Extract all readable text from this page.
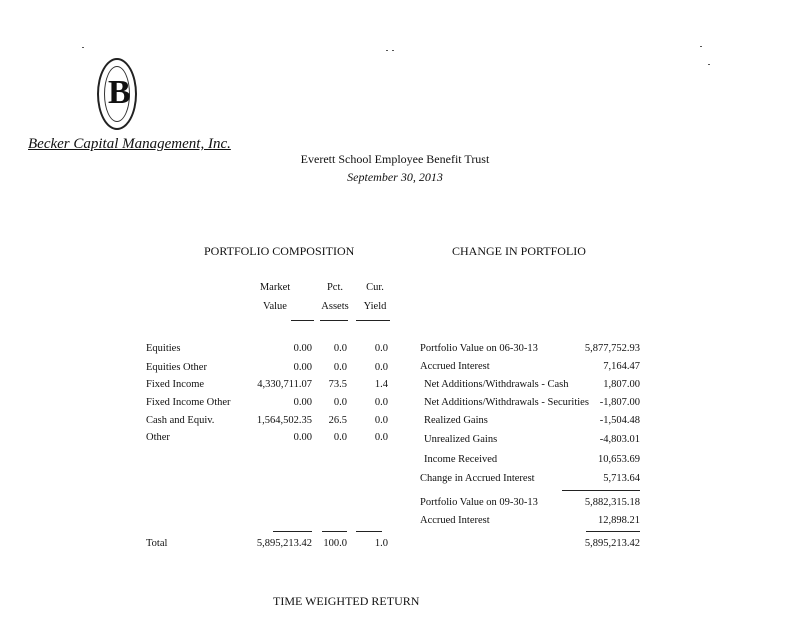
B
Becker Capital Management, Inc.
Everett School Employee Benefit Trust
September 30, 2013
PORTFOLIO COMPOSITION	CHANGE IN PORTFOLIO
Market
Value
Pct.
Assets
Cur.
Yield
Equities	0.00	0.0	0.0
Equities Other	0.00	0.0	0.0
Fixed Income	4,330,711.07	73.5	1.4
Fixed Income Other	0.00	0.0	0.0
Cash and Equiv.	1,564,502.35	26.5	0.0
Other	0.00	0.0	0.0
Total	5,895,213.42	100.0	1.0
Portfolio Value on 06-30-13	5,877,752.93
Accrued Interest	7,164.47
Net Additions/Withdrawals - Cash	1,807.00
Net Additions/Withdrawals - Securities	-1,807.00
Realized Gains	-1,504.48
Unrealized Gains	-4,803.01
Income Received	10,653.69
Change in Accrued Interest	5,713.64
Portfolio Value on 09-30-13	5,882,315.18
Accrued Interest	12,898.21
5,895,213.42
TIME WEIGHTED RETURN
